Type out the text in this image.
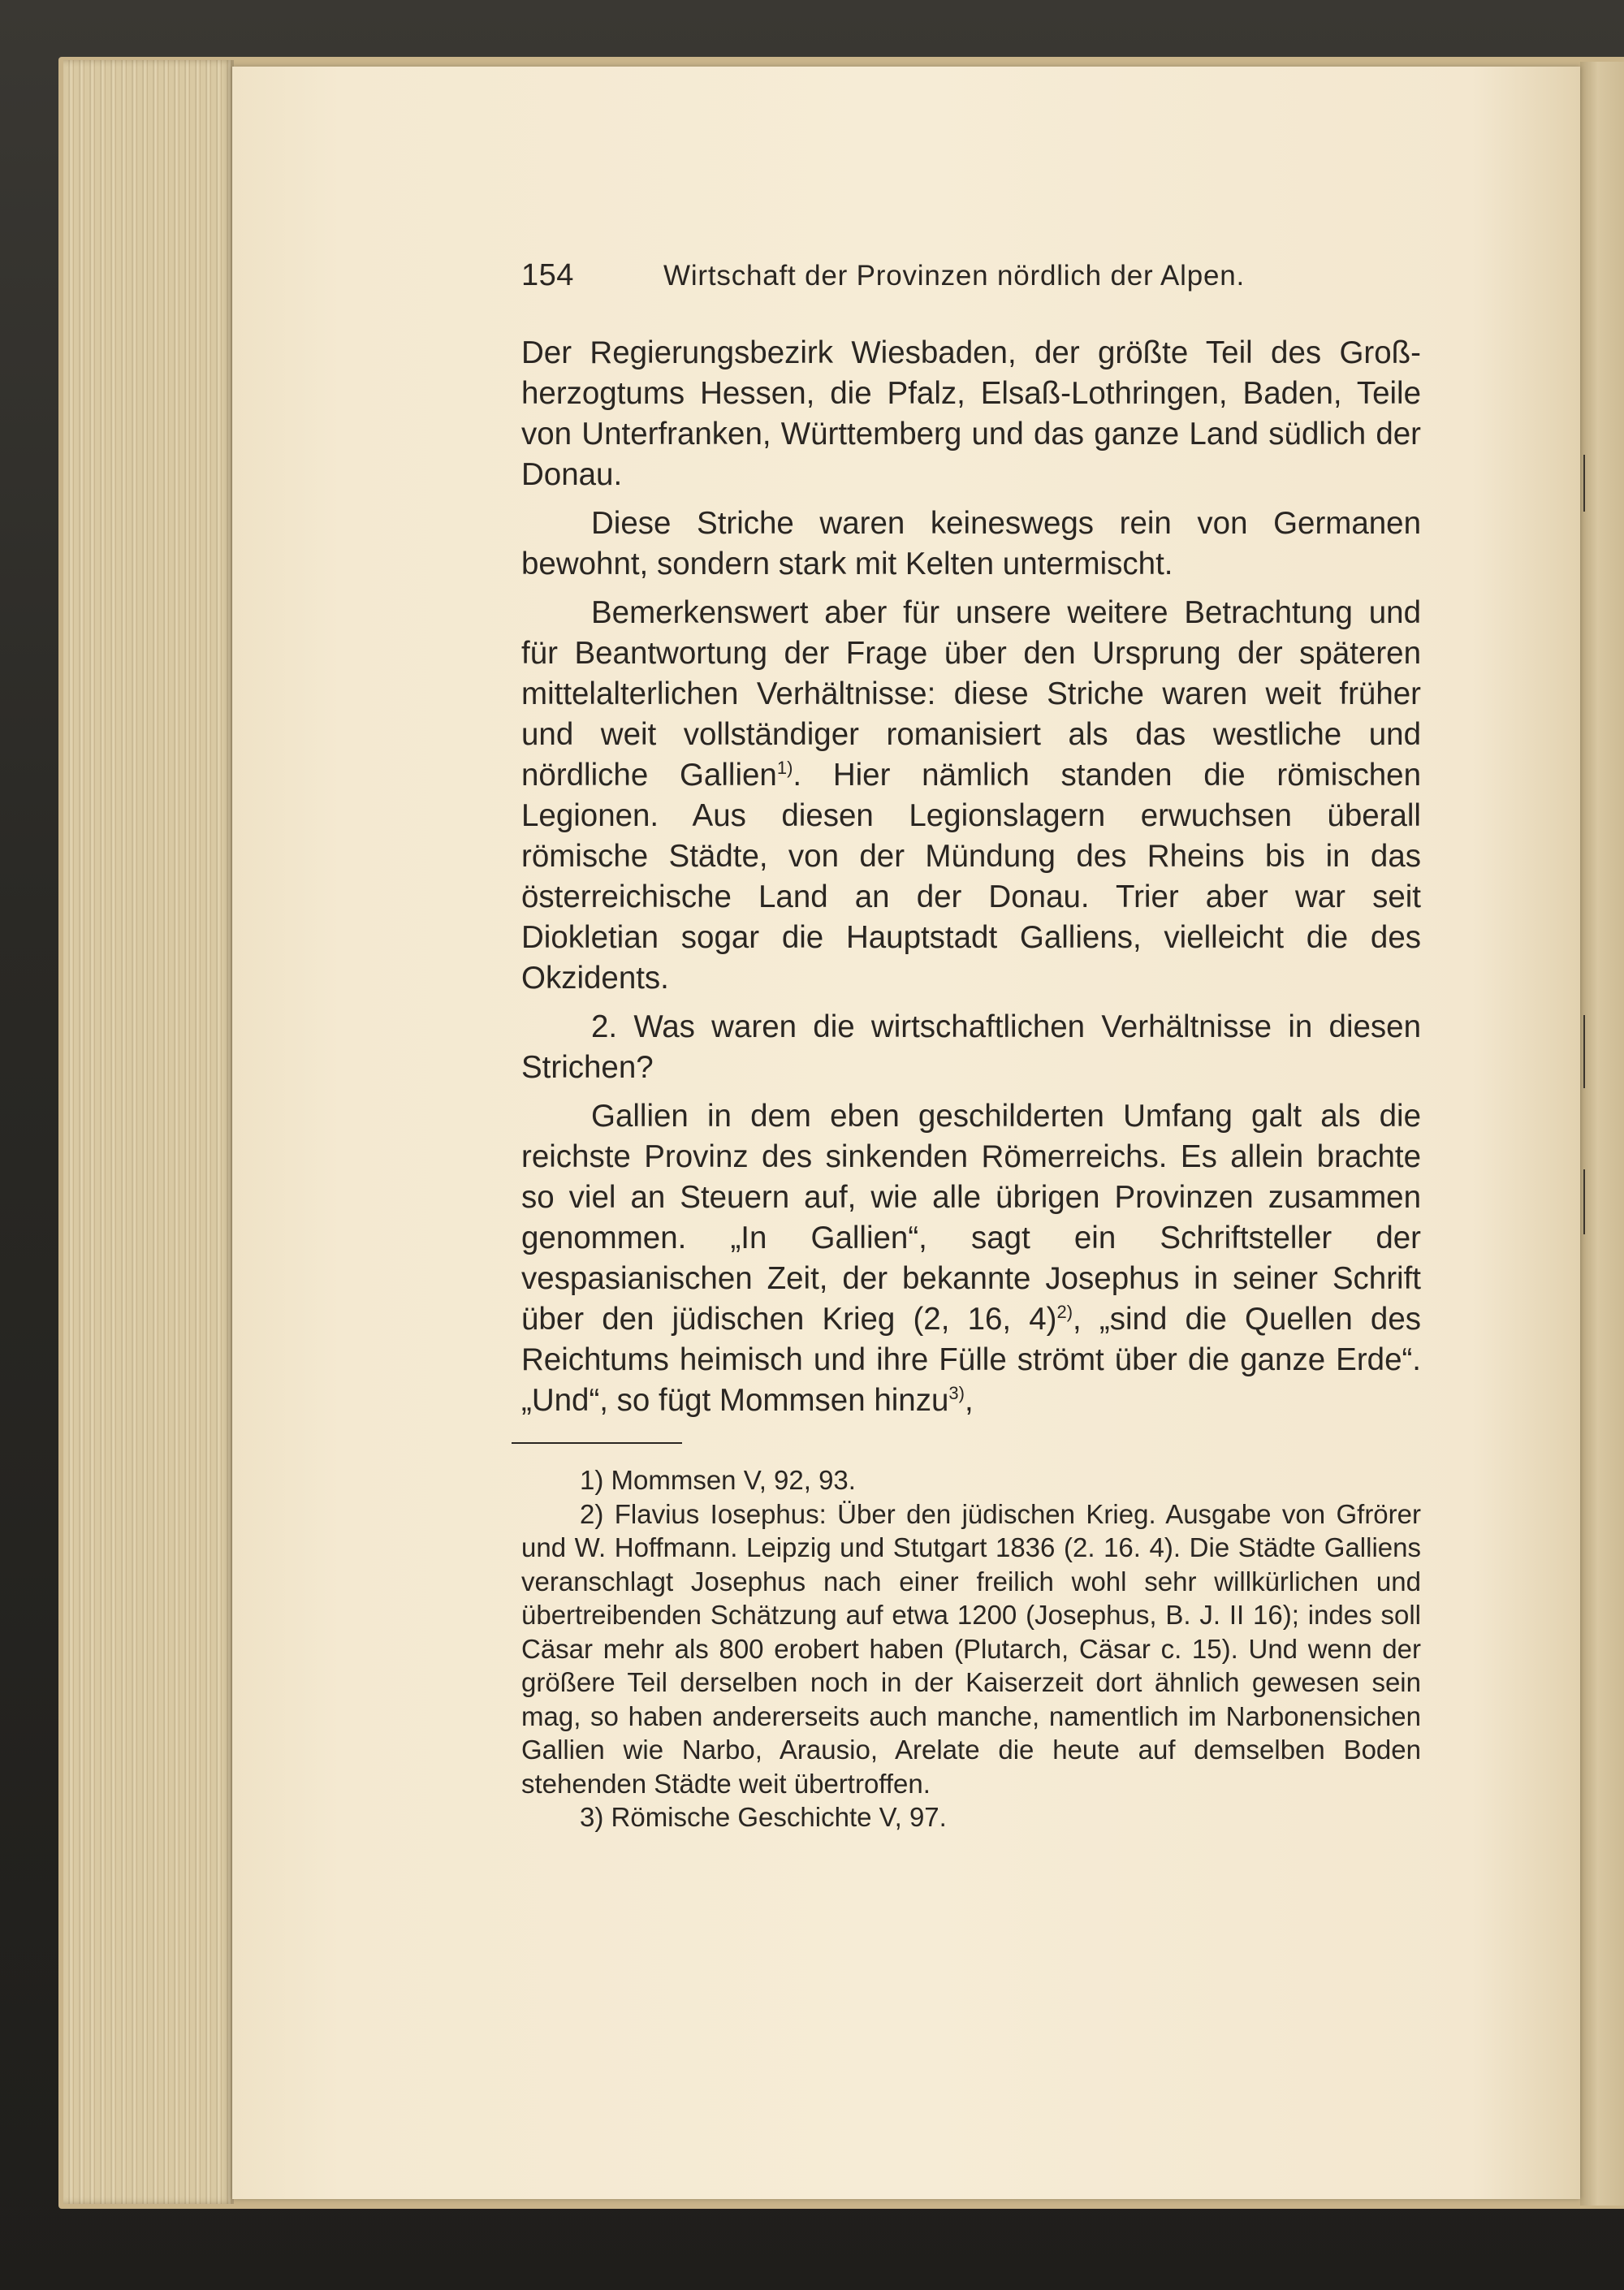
154	Wirtschaft der Provinzen nördlich der Alpen.

Der Regierungsbezirk Wiesbaden, der größte Teil des Großherzogtums Hessen, die Pfalz, Elsaß-Lothringen, Baden, Teile von Unterfranken, Württemberg und das ganze Land südlich der Donau.

Diese Striche waren keineswegs rein von Germanen bewohnt, sondern stark mit Kelten untermischt.

Bemerkenswert aber für unsere weitere Betrachtung und für Beantwortung der Frage über den Ursprung der späteren mittelalterlichen Verhältnisse: diese Striche waren weit früher und weit vollständiger romanisiert als das westliche und nördliche Gallien$^{1)}$. Hier nämlich standen die römischen Legionen. Aus diesen Legionslagern erwuchsen überall römische Städte, von der Mündung des Rheins bis in das österreichische Land an der Donau. Trier aber war seit Diokletian sogar die Hauptstadt Galliens, vielleicht die des Okzidents.

2. Was waren die wirtschaftlichen Verhältnisse in diesen Strichen?

Gallien in dem eben geschilderten Umfang galt als die reichste Provinz des sinkenden Römerreichs. Es allein brachte so viel an Steuern auf, wie alle übrigen Provinzen zusammen genommen. „In Gallien“, sagt ein Schriftsteller der vespasianischen Zeit, der bekannte Josephus in seiner Schrift über den jüdischen Krieg (2, 16, 4)$^{2)}$, „sind die Quellen des Reichtums heimisch und ihre Fülle strömt über die ganze Erde“. „Und“, so fügt Mommsen hinzu$^{3)}$,

1) Mommsen V, 92, 93.

2) Flavius Iosephus: Über den jüdischen Krieg. Ausgabe von Gfrörer und W. Hoffmann. Leipzig und Stutgart 1836 (2. 16. 4). Die Städte Galliens veranschlagt Josephus nach einer freilich wohl sehr willkürlichen und übertreibenden Schätzung auf etwa 1200 (Josephus, B. J. II 16); indes soll Cäsar mehr als 800 erobert haben (Plutarch, Cäsar c. 15). Und wenn der größere Teil derselben noch in der Kaiserzeit dort ähnlich gewesen sein mag, so haben andererseits auch manche, namentlich im Narbonensichen Gallien wie Narbo, Arausio, Arelate die heute auf demselben Boden stehenden Städte weit übertroffen.

3) Römische Geschichte V, 97.
